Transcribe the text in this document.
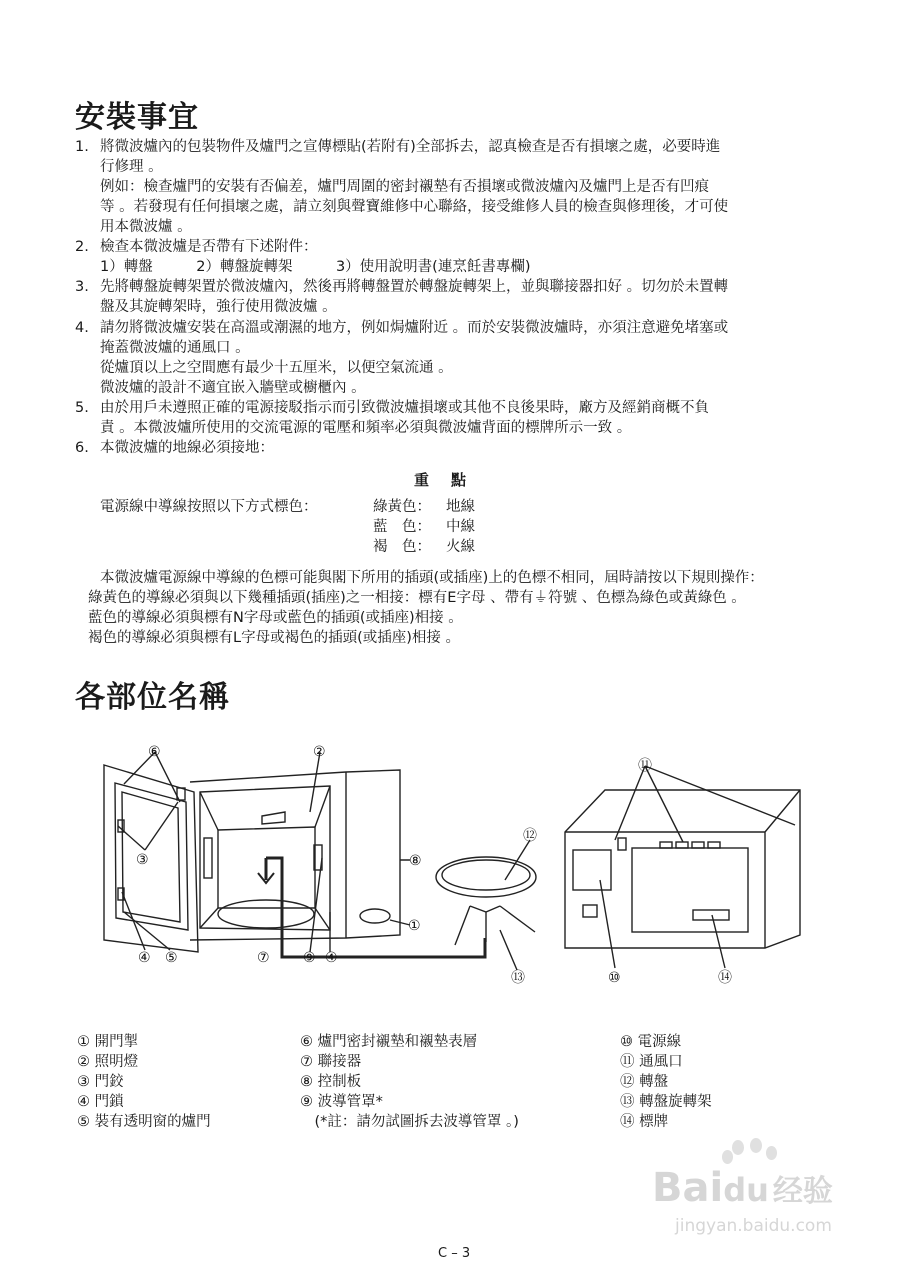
安裝事宜
1. 將微波爐內的包裝物件及爐門之宣傳標貼(若附有)全部拆去，認真檢查是否有損壞之處，必要時進
行修理 。
例如：檢查爐門的安裝有否偏差，爐門周圍的密封襯墊有否損壞或微波爐內及爐門上是否有凹痕
等 。若發現有任何損壞之處，請立刻與聲寶維修中心聯絡，接受維修人員的檢查與修理後，才可使
用本微波爐 。
2. 檢查本微波爐是否帶有下述附件：
1）轉盤　　　2）轉盤旋轉架　　　3）使用說明書(連烹飪書專欄)
3. 先將轉盤旋轉架置於微波爐內，然後再將轉盤置於轉盤旋轉架上，並與聯接器扣好 。切勿於未置轉
盤及其旋轉架時，強行使用微波爐 。
4. 請勿將微波爐安裝在高溫或潮濕的地方，例如焗爐附近 。而於安裝微波爐時，亦須注意避免堵塞或
掩蓋微波爐的通風口 。
從爐頂以上之空間應有最少十五厘米，以便空氣流通 。
微波爐的設計不適宜嵌入牆壁或櫥櫃內 。
5. 由於用戶未遵照正確的電源接駁指示而引致微波爐損壞或其他不良後果時，廠方及經銷商概不負
責 。本微波爐所使用的交流電源的電壓和頻率必須與微波爐背面的標牌所示一致 。
6. 本微波爐的地線必須接地：
重點
電源線中導線按照以下方式標色：	綠黃色： 地線
藍　色： 中線
褐　色： 火線
本微波爐電源線中導線的色標可能與閣下所用的插頭(或插座)上的色標不相同，屆時請按以下規則操作：
綠黃色的導線必須與以下幾種插頭(插座)之一相接：標有E字母 、帶有⏚符號 、色標為綠色或黃綠色 。
藍色的導線必須與標有N字母或藍色的插頭(或插座)相接 。
褐色的導線必須與標有L字母或褐色的插頭(或插座)相接 。
各部位名稱
⑥	②
③	⑧
①
④ ⑤	⑦ ⑨ ④
⑫
⑬
⑪
⑩	⑭
① 開門掣
② 照明燈
③ 門鉸
④ 門鎖
⑤ 裝有透明窗的爐門
⑥ 爐門密封襯墊和襯墊表層
⑦ 聯接器
⑧ 控制板
⑨ 波導管罩*
　(*註：請勿試圖拆去波導管罩 。)
⑩ 電源線
⑪ 通風口
⑫ 轉盤
⑬ 轉盤旋轉架
⑭ 標牌
Baidu 经验
jingyan.baidu.com
C – 3
